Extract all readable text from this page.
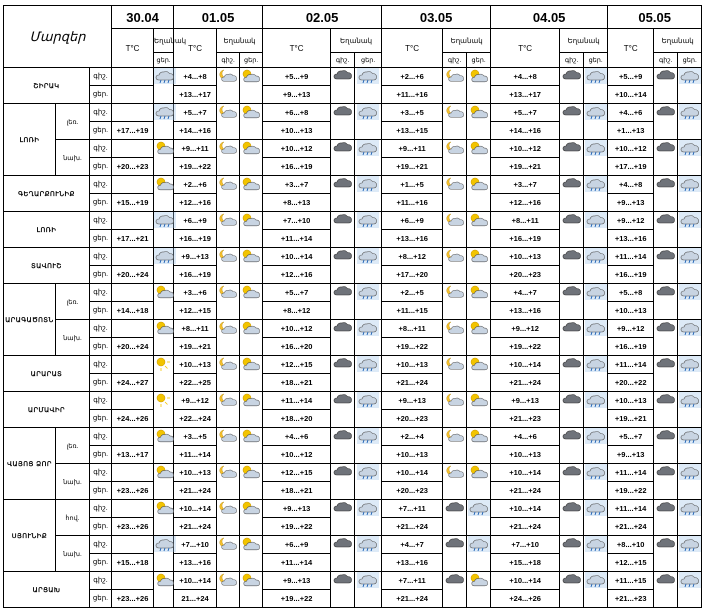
Մարզեր			30.04		01.05			02.05			03.05			04.05			05.05		
			T°C	Եղանակ	T°C	Եղանակ		T°C	Եղանակ		T°C	Եղանակ		T°C	Եղանակ		T°C	Եղանակ	
				ցեր.		գիշ.	ցեր.		գիշ.	ցեր.		գիշ.	ցեր.		գիշ.	ցեր.		գիշ.	ցեր.
ՇԻՐԱԿ		գիշ.			+4...+8			+5...+9			+2...+6			+4...+8			+5...+9	

		ցեր.			+13...+17			+9...+13			+11...+16			+13...+17			+10...+14		
ԼՈՌԻ	լեռ.	գիշ.			+5...+7			+6...+8			+3...+5			+5...+7			+4...+6	

		ցեր.	+17...+19		+14...+16			+10...+13			+13...+15			+14...+16			+1...+13		
	նախ.	գիշ.			+9...+11			+10...+12			+9...+11			+10...+12			+10...+12	

		ցեր.	+20...+23		+19...+22			+16...+19			+19...+21			+19...+21			+17...+19		
ԳԵՂԱՐՔՈՒՆԻՔ		գիշ.			+2...+6			+3...+7			+1...+5			+3...+7			+4...+8	

		ցեր.	+15...+19		+12...+16			+8...+13			+11...+16			+12...+16			+9...+13		
ԼՈՌԻ		գիշ.			+6...+9			+7...+10			+6...+9			+8...+11			+9...+12	

		ցեր.	+17...+21		+16...+19			+11...+14			+13...+16			+16...+19			+13...+16		
ՏԱՎՈՒՇ		գիշ.			+9...+13			+10...+14			+8...+12			+10...+13			+11...+14	

		ցեր.	+20...+24		+16...+19			+12...+16			+17...+20			+20...+23			+16...+19		
ԱՐԱԳԱԾՈՏՆ	լեռ.	գիշ.			+3...+6			+5...+7			+2...+5			+4...+7			+5...+8	

		ցեր.	+14...+18		+12...+15			+8...+12			+11...+15			+13...+16			+10...+13		
	նախ.	գիշ.			+8...+11			+10...+12			+8...+11			+9...+12			+9...+12	

		ցեր.	+20...+24		+19...+21			+16...+20			+19...+22			+19...+22			+16...+19		
ԱՐԱՐԱՏ		գիշ.			+10...+13			+12...+15			+10...+13			+10...+14			+11...+14	

		ցեր.	+24...+27		+22...+25			+18...+21			+21...+24			+21...+24			+20...+22		
ԱՐՄԱՎԻՐ		գիշ.			+9...+12			+11...+14			+9...+13			+9...+13			+10...+13	

		ցեր.	+24...+26		+22...+24			+18...+20			+20...+23			+21...+23			+19...+21		
ՎԱՅՈՑ ՁՈՐ	լեռ.	գիշ.			+3...+5			+4...+6			+2...+4			+4...+6			+5...+7	

		ցեր.	+13...+17		+11...+14			+10...+12			+10...+13			+10...+13			+9...+13		
	նախ.	գիշ.			+10...+13			+12...+15			+10...+14			+10...+14			+11...+14	

		ցեր.	+23...+26		+21...+24			+18...+21			+20...+23			+21...+24			+19...+22		
ՍՅՈՒՆԻՔ	հով.	գիշ.			+10...+14			+9...+13			+7...+11			+10...+14			+11...+14	

		ցեր.	+23...+26		+21...+24			+19...+22			+21...+24			+21...+24			+21...+24		
	նախ.	գիշ.			+7...+10			+6...+9			+4...+7			+7...+10			+8...+10	

		ցեր.	+15...+18		+13...+16			+11...+14			+13...+16			+15...+18			+12...+15		
ԱՐՑԱԽ		գիշ.			+10...+14			+9...+13			+7...+11			+10...+14			+11...+15	

		ցեր.	+23...+26		21...+24			+19...+22			+21...+24			+24...+26			+21...+23		
